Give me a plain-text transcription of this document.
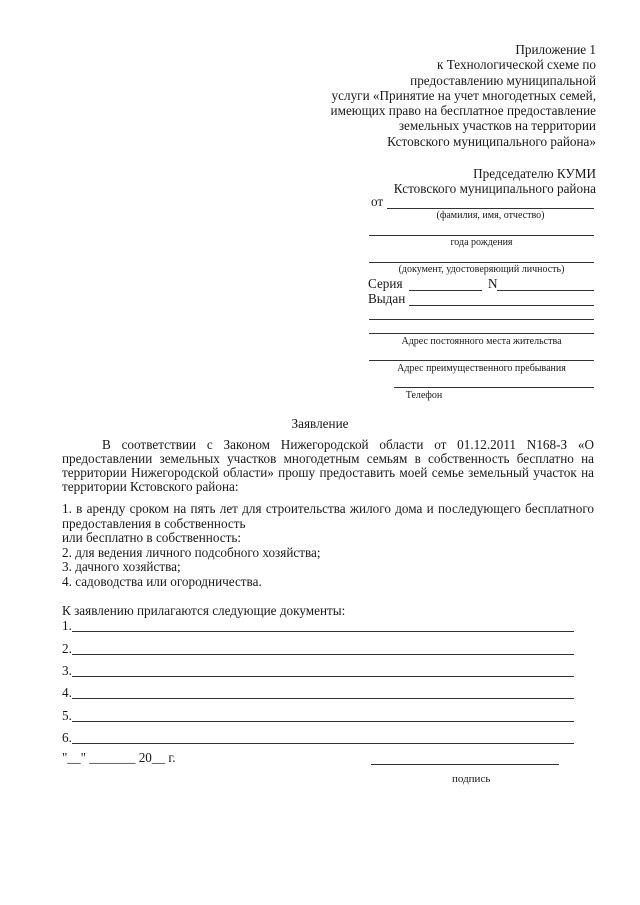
Приложение 1
к Технологической схеме по
предоставлению муниципальной
услуги «Принятие на учет многодетных семей,
имеющих право на бесплатное предоставление
земельных участков на территории
Кстовского муниципального района»
Председателю КУМИ
Кстовского муниципального района
от
(фамилия, имя, отчество)
года рождения
(документ, удостоверяющий личность)
Серия	N
Выдан
Адрес постоянного места жительства
Адрес преимущественного пребывания
Телефон
Заявление
В соответствии с Законом Нижегородской области от 01.12.2011 N168-З «О предоставлении земельных участков многодетным семьям в собственность бесплатно на территории Нижегородской области» прошу предоставить моей семье земельный участок на территории Кстовского района:
1. в аренду сроком на пять лет для строительства жилого дома и последующего бесплатного предоставления в собственность
или бесплатно в собственность:
2. для ведения личного подсобного хозяйства;
3. дачного хозяйства;
4. садоводства или огородничества.
К заявлению прилагаются следующие документы:
1.
2.
3.
4.
5.
6.
"__" _______ 20__ г.
подпись
